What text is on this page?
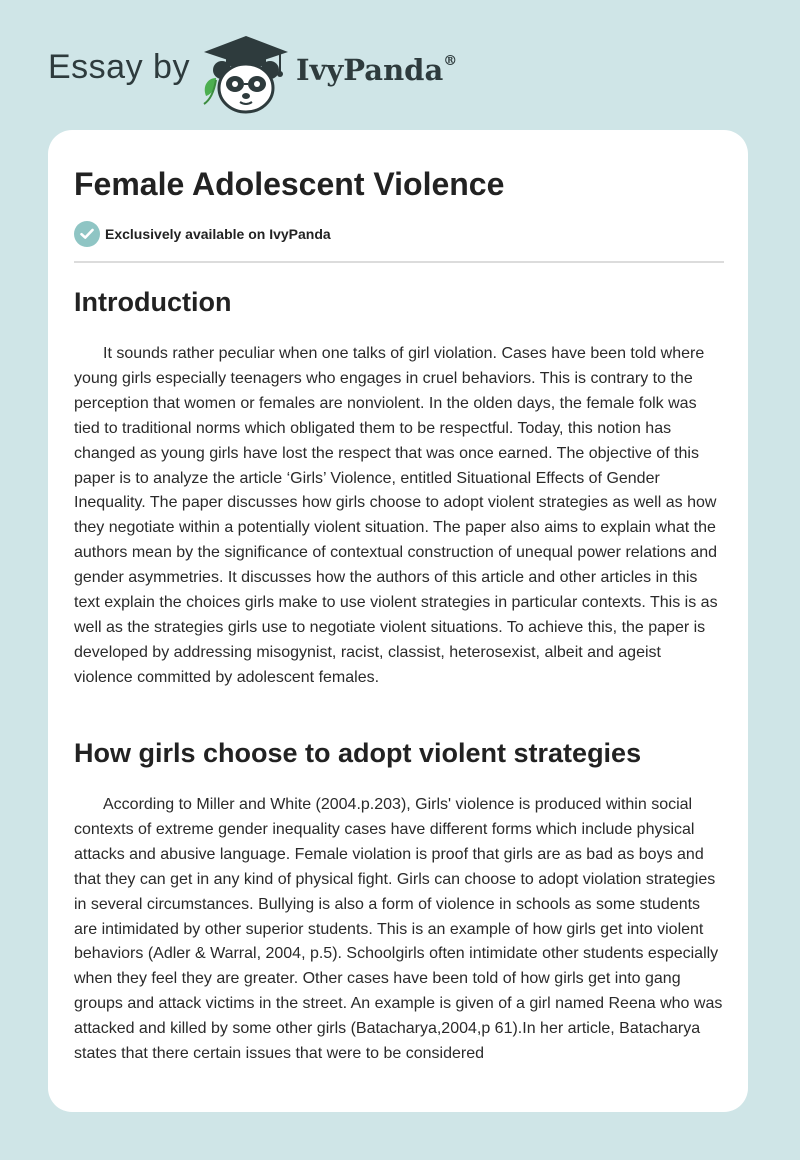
Essay by	IvyPanda®
Female Adolescent Violence
Exclusively available on IvyPanda
Introduction

It sounds rather peculiar when one talks of girl violation. Cases have been told where young girls especially teenagers who engages in cruel behaviors. This is contrary to the perception that women or females are nonviolent. In the olden days, the female folk was tied to traditional norms which obligated them to be respectful. Today, this notion has changed as young girls have lost the respect that was once earned. The objective of this paper is to analyze the article ‘Girls’ Violence, entitled Situational Effects of Gender Inequality. The paper discusses how girls choose to adopt violent strategies as well as how they negotiate within a potentially violent situation. The paper also aims to explain what the authors mean by the significance of contextual construction of unequal power relations and gender asymmetries. It discusses how the authors of this article and other articles in this text explain the choices girls make to use violent strategies in particular contexts. This is as well as the strategies girls use to negotiate violent situations. To achieve this, the paper is developed by addressing misogynist, racist, classist, heterosexist, albeit and ageist violence committed by adolescent females.

How girls choose to adopt violent strategies

According to Miller and White (2004.p.203), Girls' violence is produced within social contexts of extreme gender inequality cases have different forms which include physical attacks and abusive language. Female violation is proof that girls are as bad as boys and that they can get in any kind of physical fight. Girls can choose to adopt violation strategies in several circumstances. Bullying is also a form of violence in schools as some students are intimidated by other superior students. This is an example of how girls get into violent behaviors (Adler & Warral, 2004, p.5). Schoolgirls often intimidate other students especially when they feel they are greater. Other cases have been told of how girls get into gang groups and attack victims in the street. An example is given of a girl named Reena who was attacked and killed by some other girls (Batacharya,2004,p 61).In her article, Batacharya states that there certain issues that were to be considered
